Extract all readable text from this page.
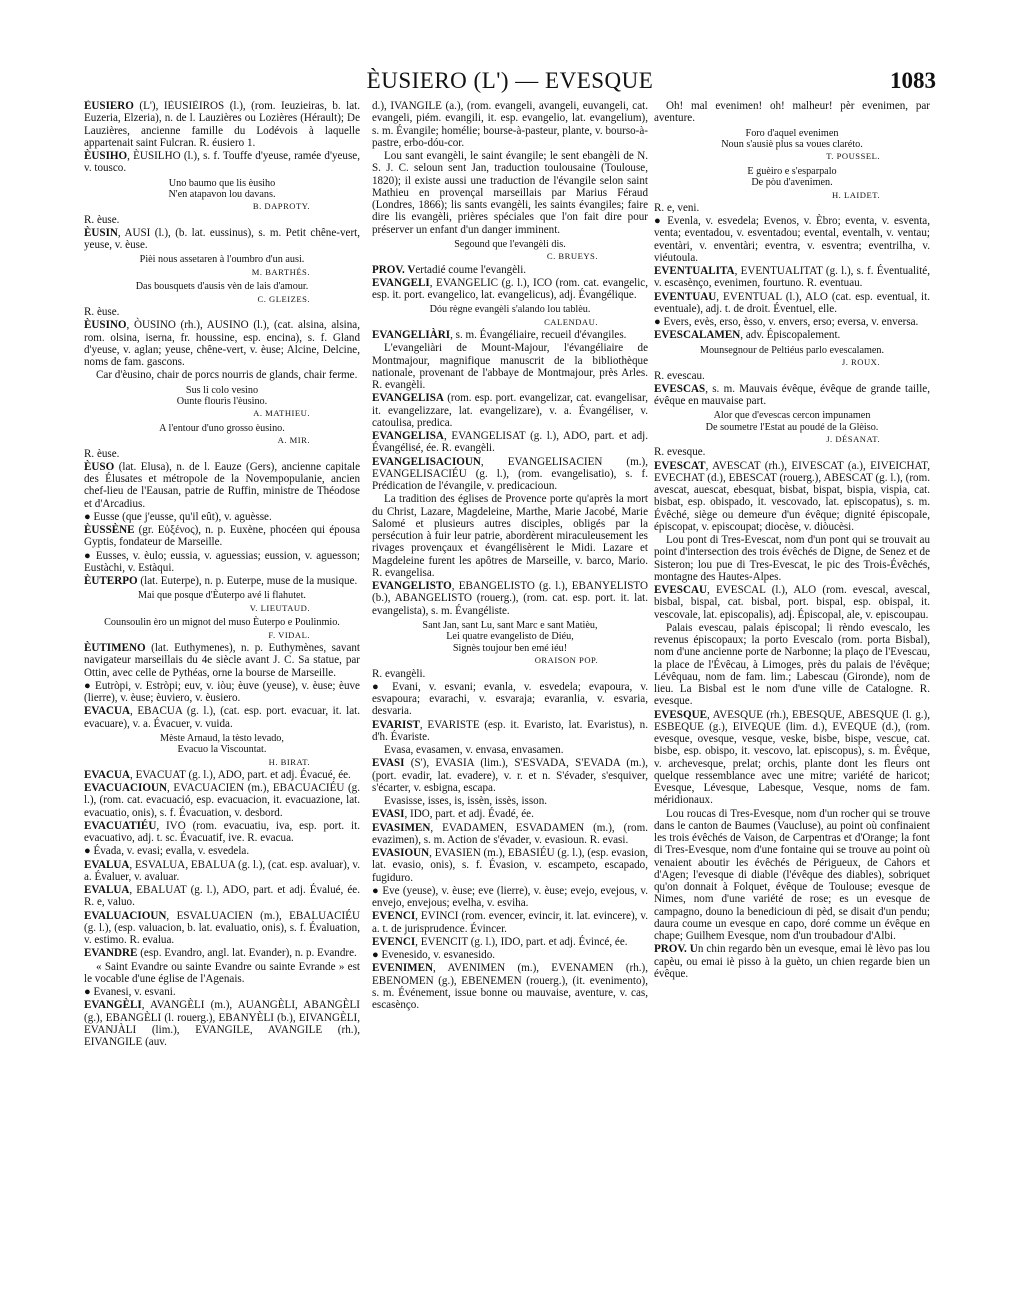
ÈUSIERO (L') — EVESQUE	1083

ÈUSIERO (L'), IÈUSIÈIROS (l.), (rom. Ieuzieiras, b. lat. Euzeria, Elzeria), n. de l. Lauzières ou Lozières (Hérault); De Lauzières, ancienne famille du Lodévois à laquelle appartenait saint Fulcran. R. éusiero 1.

ÈUSIHO, ÈUSILHO (l.), s. f. Touffe d'yeuse, ramée d'yeuse, v. tousco.

Uno baumo que lis èusiho
N'en atapavon lou davans.
B. DAPROTY.

R. èuse.

ÈUSIN, AUSI (l.), (b. lat. eussinus), s. m. Petit chêne-vert, yeuse, v. èuse.

Pièi nous assetaren à l'oumbro d'un ausi.
M. BARTHÉS.
Das bousquets d'ausis vèn de lais d'amour.
C. GLEIZES.

R. èuse.

ÈUSINO, ÒUSINO (rh.), AUSINO (l.), (cat. alsina, alsina, rom. olsina, iserna, fr. houssine, esp. encina), s. f. Gland d'yeuse, v. aglan; yeuse, chêne-vert, v. èuse; Alcine, Delcine, noms de fam. gascons.

Car d'èusino, chair de porcs nourris de glands, chair ferme.

Sus li colo vesino
Ounte flourìs l'èusino.
A. MATHIEU.
A l'entour d'uno grosso èusino.
A. MIR.

R. èuse.

ÈUSO (lat. Elusa), n. de l. Eauze (Gers), ancienne capitale des Élusates et métropole de la Novempopulanie, ancien chef-lieu de l'Eausan, patrie de Ruffin, ministre de Théodose et d'Arcadius.

● Eusse (que j'eusse, qu'il eût), v. aguèsse.

ÈUSSÈNE (gr. Εὐξένος), n. p. Euxène, phocéen qui épousa Gyptis, fondateur de Marseille.

● Eusses, v. èulo; eussia, v. aguessias; eussion, v. aguesson; Eustàchi, v. Estàqui.

ÈUTERPO (lat. Euterpe), n. p. Euterpe, muse de la musique.

Mai que posque d'Èuterpo avé li flahutet.
V. LIEUTAUD.
Counsoulin èro un mignot del muso Èuterpo e Poulinmio.
F. VIDAL.

ÈUTIMENO (lat. Euthymenes), n. p. Euthymènes, savant navigateur marseillais du 4e siècle avant J. C. Sa statue, par Ottin, avec celle de Pythéas, orne la bourse de Marseille.

● Eutròpi, v. Estròpi; euv, v. iòu; èuve (yeuse), v. èuse; èuve (lierre), v. èuse; èuviero, v. èusiero.

EVACUA, EBACUA (g. l.), (cat. esp. port. evacuar, it. lat. evacuare), v. a. Évacuer, v. vuida.

Mèste Arnaud, la tèsto levado,
Evacuo la Viscountat.
H. BIRAT.

EVACUA, EVACUAT (g. l.), ADO, part. et adj. Évacué, ée.

EVACUACIOUN, EVACUACIEN (m.), EBACUACIÉU (g. l.), (rom. cat. evacuació, esp. evacuacion, it. evacuazione, lat. evacuatio, onis), s. f. Évacuation, v. desbord.

EVACUATIÉU, IVO (rom. evacuatiu, iva, esp. port. it. evacuativo, adj. t. sc. Évacuatif, ive. R. evacua.

● Évada, v. evasi; evalla, v. esvedela.

EVALUA, ESVALUA, EBALUA (g. l.), (cat. esp. avaluar), v. a. Évaluer, v. avaluar.

EVALUA, EBALUAT (g. l.), ADO, part. et adj. Évalué, ée. R. e, valuo.

EVALUACIOUN, ESVALUACIEN (m.), EBALUACIÉU (g. l.), (esp. valuacion, b. lat. evaluatio, onis), s. f. Évaluation, v. estimo. R. evalua.

EVANDRE (esp. Evandro, angl. lat. Evander), n. p. Evandre.

« Saint Evandre ou sainte Evandre ou sainte Evrande » est le vocable d'une église de l'Agenais.

● Evanesi, v. esvani.

EVANGÈLI, AVANGÈLI (m.), AUANGÈLI, ABANGÈLI (g.), EBANGÈLI (l. rouerg.), EBANYÈLI (b.), EIVANGÈLI, EVANJÀLI (lim.), EVANGILE, AVANGILE (rh.), EIVANGILE (auv.

d.), IVANGILE (a.), (rom. evangeli, avangeli, euvangeli, cat. evangeli, piém. evangili, it. esp. evangelio, lat. evangelium), s. m. Évangile; homélie; bourse-à-pasteur, plante, v. bourso-à-pastre, erbo-dóu-cor.

Lou sant evangèli, le saint évangile; le sent ebangèli de N. S. J. C. seloun sent Jan, traduction toulousaine (Toulouse, 1820); il existe aussi une traduction de l'évangile selon saint Mathieu en provençal marseillais par Marius Féraud (Londres, 1866); lis sants evangèli, les saints évangiles; faire dire lis evangèli, prières spéciales que l'on fait dire pour préserver un enfant d'un danger imminent.

Segound que l'evangèli dis.
C. BRUEYS.

PROV. Vertadié coume l'evangèli.

EVANGELI, EVANGELIC (g. l.), ICO (rom. cat. evangelic, esp. it. port. evangelico, lat. evangelicus), adj. Évangélique.

Dóu règne evangèli s'alando lou tablèu.
CALENDAU.

EVANGELIÀRI, s. m. Évangéliaire, recueil d'évangiles.

L'evangeliàri de Mount-Majour, l'évangéliaire de Montmajour, magnifique manuscrit de la bibliothèque nationale, provenant de l'abbaye de Montmajour, près Arles. R. evangèli.

EVANGELISA (rom. esp. port. evangelizar, cat. evangelisar, it. evangelizzare, lat. evangelizare), v. a. Évangéliser, v. catoulisa, predica.

EVANGELISA, EVANGELISAT (g. l.), ADO, part. et adj. Évangélisé, ée. R. evangèli.

EVANGELISACIOUN, EVANGELISACIEN (m.), EVANGELISACIÉU (g. l.), (rom. evangelisatio), s. f. Prédication de l'évangile, v. predicacioun.

La tradition des églises de Provence porte qu'après la mort du Christ, Lazare, Magdeleine, Marthe, Marie Jacobé, Marie Salomé et plusieurs autres disciples, obligés par la persécution à fuir leur patrie, abordèrent miraculeusement les rivages provençaux et évangélisèrent le Midi. Lazare et Magdeleine furent les apôtres de Marseille, v. barco, Mario. R. evangelisa.

EVANGELISTO, EBANGELISTO (g. l.), EBANYELISTO (b.), ABANGELISTO (rouerg.), (rom. cat. esp. port. it. lat. evangelista), s. m. Évangéliste.

Sant Jan, sant Lu, sant Marc e sant Matièu,
Lei quatre evangelisto de Diéu,
Signès toujour ben emé iéu!
ORAISON POP.

R. evangèli.

● Evani, v. esvani; evanla, v. esvedela; evapoura, v. esvapoura; evarachi, v. esvaraja; evaranlia, v. esvaria, desvaria.

EVARIST, EVARISTE (esp. it. Evaristo, lat. Evaristus), n. d'h. Évariste.

Evasa, evasamen, v. envasa, envasamen.

EVASI (S'), EVASIA (lim.), S'ESVADA, S'EVADA (m.), (port. evadir, lat. evadere), v. r. et n. S'évader, s'esquiver, s'écarter, v. esbigna, escapa.

Evasisse, isses, is, issèn, issès, isson.

EVASI, IDO, part. et adj. Évadé, ée.

EVASIMEN, EVADAMEN, ESVADAMEN (m.), (rom. evazimen), s. m. Action de s'évader, v. evasioun. R. evasi.

EVASIOUN, EVASIEN (m.), EBASIÉU (g. l.), (esp. evasion, lat. evasio, onis), s. f. Évasion, v. escampeto, escapado, fugiduro.

● Eve (yeuse), v. èuse; eve (lierre), v. èuse; evejo, evejous, v. envejo, envejous; evelha, v. esviha.

EVENCI, EVINCI (rom. evencer, evincir, it. lat. evincere), v. a. t. de jurisprudence. Évincer.

EVENCI, EVENCIT (g. l.), IDO, part. et adj. Évincé, ée.

● Evenesido, v. esvanesido.

EVENIMEN, AVENIMEN (m.), EVENAMEN (rh.), EBENOMEN (g.), EBENEMEN (rouerg.), (it. evenimento), s. m. Événement, issue bonne ou mauvaise, aventure, v. cas, escasènço.

Oh! mal evenimen! oh! malheur! pèr evenimen, par aventure.

Foro d'aquel evenimen
Noun s'ausiè plus sa voues claréto.
T. POUSSEL.
E guèiro e s'esparpalo
De pòu d'avenimen.
H. LAIDET.

R. e, veni.

● Evenla, v. esvedela; Evenos, v. Èbro; eventa, v. esventa, venta; eventadou, v. esventadou; evental, eventalh, v. ventau; eventàri, v. enventàri; eventra, v. esventra; eventrilha, v. viéutoula.

EVENTUALITA, EVENTUALITAT (g. l.), s. f. Éventualité, v. escasènço, evenimen, fourtuno. R. eventuau.

EVENTUAU, EVENTUAL (l.), ALO (cat. esp. eventual, it. eventuale), adj. t. de droit. Éventuel, elle.

● Evers, evès, erso, èsso, v. envers, erso; eversa, v. enversa.

EVESCALAMEN, adv. Épiscopalement.

Mounsegnour de Peltiéus parlo evescalamen.
J. ROUX.

R. evescau.

EVESCAS, s. m. Mauvais évêque, évêque de grande taille, évêque en mauvaise part.

Alor que d'evescas cercon impunamen
De soumetre l'Estat au poudé de la Glèiso.
J. DÉSANAT.

R. evesque.

EVESCAT, AVESCAT (rh.), EIVESCAT (a.), EIVEICHAT, EVECHAT (d.), EBESCAT (rouerg.), ABESCAT (g. l.), (rom. avescat, auescat, ebesquat, bisbat, bispat, bispia, vispia, cat. bisbat, esp. obispado, it. vescovado, lat. episcopatus), s. m. Évêché, siège ou demeure d'un évêque; dignité épiscopale, épiscopat, v. episcoupat; diocèse, v. diòucèsi.

Lou pont di Tres-Evescat, nom d'un pont qui se trouvait au point d'intersection des trois évêchés de Digne, de Senez et de Sisteron; lou pue di Tres-Evescat, le pic des Trois-Évêchés, montagne des Hautes-Alpes.

EVESCAU, EVESCAL (l.), ALO (rom. evescal, avescal, bisbal, bispal, cat. bisbal, port. bispal, esp. obispal, it. vescovale, lat. episcopalis), adj. Épiscopal, ale, v. episcoupau.

Palais evescau, palais épiscopal; li rèndo evescalo, les revenus épiscopaux; la porto Evescalo (rom. porta Bisbal), nom d'une ancienne porte de Narbonne; la plaço de l'Evescau, la place de l'Évêcau, à Limoges, près du palais de l'évêque; Lévêquau, nom de fam. lim.; Labescau (Gironde), nom de lieu. La Bisbal est le nom d'une ville de Catalogne. R. evesque.

EVESQUE, AVESQUE (rh.), EBESQUE, ABESQUE (l. g.), ESBEQUE (g.), EIVEQUE (lim. d.), EVEQUE (d.), (rom. evesque, ovesque, vesque, veske, bisbe, bispe, vescue, cat. bisbe, esp. obispo, it. vescovo, lat. episcopus), s. m. Évêque, v. archevesque, prelat; orchis, plante dont les fleurs ont quelque ressemblance avec une mitre; variété de haricot; Evesque, Lévesque, Labesque, Vesque, noms de fam. méridionaux.

Lou roucas di Tres-Evesque, nom d'un rocher qui se trouve dans le canton de Baumes (Vaucluse), au point où confinaient les trois évêchés de Vaison, de Carpentras et d'Orange; la font di Tres-Evesque, nom d'une fontaine qui se trouve au point où venaient aboutir les évêchés de Périgueux, de Cahors et d'Agen; l'evesque di diable (l'évêque des diables), sobriquet qu'on donnait à Folquet, évêque de Toulouse; evesque de Nimes, nom d'une variété de rose; es un evesque de campagno, douno la benedicioun di pèd, se disait d'un pendu; daura coume un evesque en capo, doré comme un évêque en chape; Guilhem Evesque, nom d'un troubadour d'Albi.

PROV. Un chin regardo bèn un evesque, emai lè lèvo pas lou capèu, ou emai iè pisso à la guèto, un chien regarde bien un évêque.
